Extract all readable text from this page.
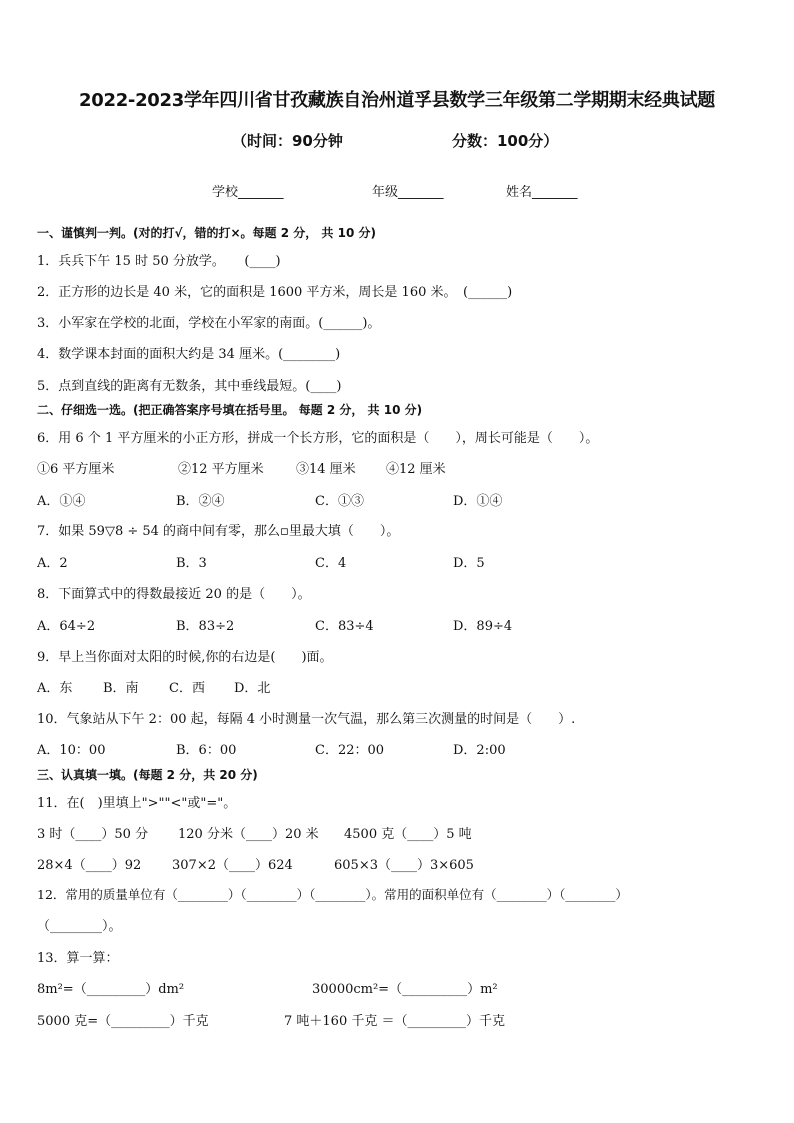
2022-2023学年四川省甘孜藏族自治州道孚县数学三年级第二学期期末经典试题
（时间：90分钟	分数：100分）
学校_______	年级_______	姓名_______
一、谨慎判一判。(对的打√，错的打×。每题 2 分， 共 10 分)
1．兵兵下午 15 时 50 分放学。　　(____)
2．正方形的边长是 40 米，它的面积是 1600 平方米，周长是 160 米。　(______)
3．小军家在学校的北面，学校在小军家的南面。(______)。
4．数学课本封面的面积大约是 34 厘米。(________)
5．点到直线的距离有无数条，其中垂线最短。(____)
二、仔细选一选。(把正确答案序号填在括号里。 每题 2 分， 共 10 分)
6．用 6 个 1 平方厘米的小正方形，拼成一个长方形，它的面积是（　　），周长可能是（　　）。
①6 平方厘米	②12 平方厘米 ③14 厘米 ④12 厘米
A．①④	B．②④	C．①③	D．①④
7．如果 59▽8 ÷ 54 的商中间有零，那么▫里最大填（　　）。
A．2	B．3	C．4	D．5
8．下面算式中的得数最接近 20 的是（　　）。
A．64÷2	B．83÷2	C．83÷4	D．89÷4
9．早上当你面对太阳的时候,你的右边是(　　)面。
A．东 B．南 C．西 D．北
10．气象站从下午 2：00 起，每隔 4 小时测量一次气温，那么第三次测量的时间是（　　）.
A．10：00	B．6：00	C．22：00	D．2:00
三、认真填一填。(每题 2 分，共 20 分)
11．在(　)里填上">""<"或"="。
3 时（____）50 分 120 分米（____）20 米 4500 克（____）5 吨
28×4（____）92 307×2（____）624	605×3（____）3×605
12．常用的质量单位有（________）（________）（________）。常用的面积单位有（________）（________）
（________）。
13．算一算：
8m²=（_________）dm²	30000cm²=（__________）m²
5000 克=（_________）千克	7 吨＋160 千克 ＝（_________）千克
